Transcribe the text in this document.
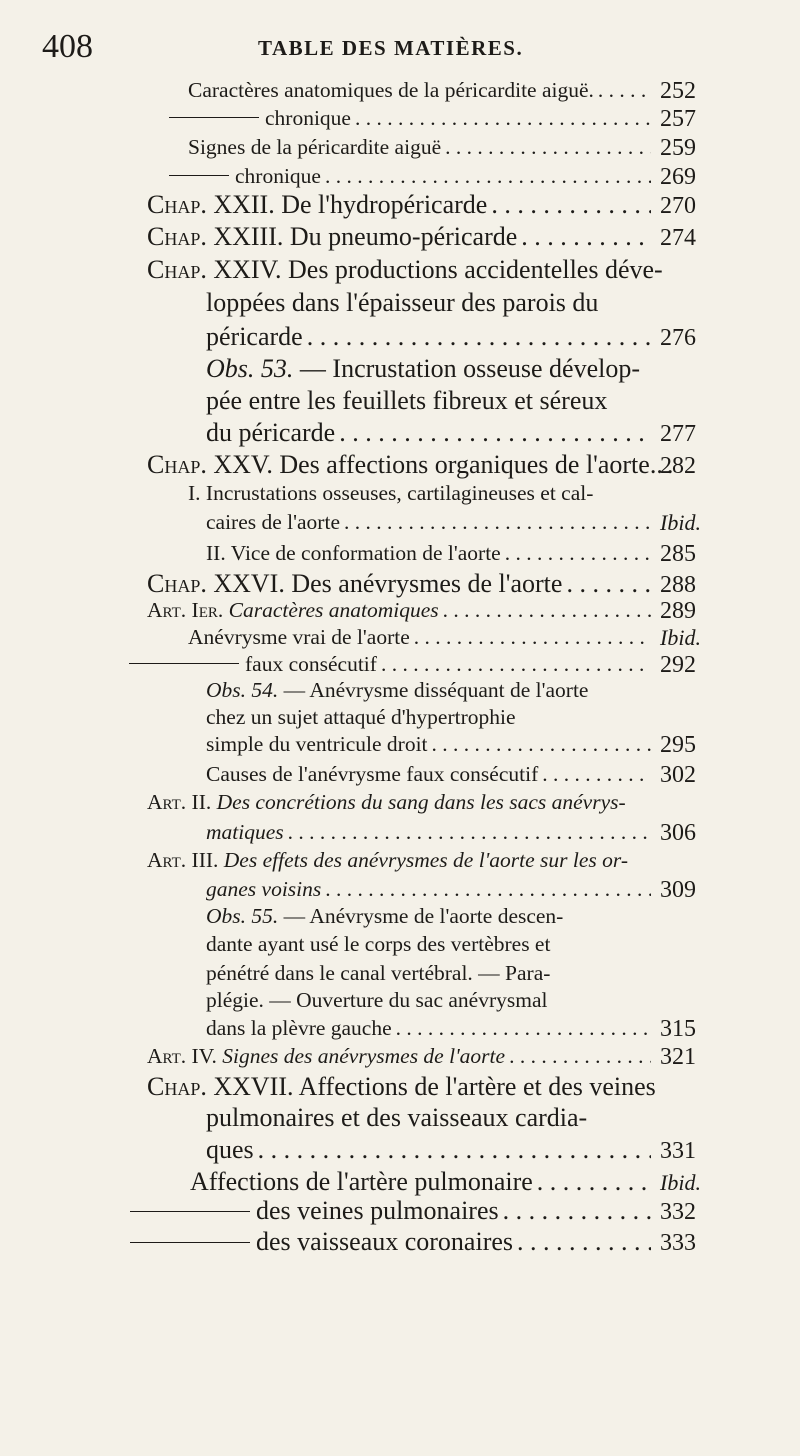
408	TABLE DES MATIÈRES.
252
Caractères anatomiques de la péricardite aiguë.
. . .
257
chronique
. . .
259
Signes de la péricardite aiguë
. . .
269
chronique
. . .
270
Chap. XXII. De l'hydropéricarde
. . .
274
Chap. XXIII. Du pneumo-péricarde
. . .
Chap. XXIV. Des productions accidentelles déve-
loppées dans l'épaisseur des parois du
276
péricarde
. . .
Obs. 53. — Incrustation osseuse dévelop-
pée entre les feuillets fibreux et séreux
277
du péricarde
. . .
282
Chap. XXV. Des affections organiques de l'aorte..
. . .
I. Incrustations osseuses, cartilagineuses et cal-
Ibid.
caires de l'aorte
. . .
285
II. Vice de conformation de l'aorte
. . .
288
Chap. XXVI. Des anévrysmes de l'aorte
. . .
289
Art. Ier. Caractères anatomiques
. . .
Ibid.
Anévrysme vrai de l'aorte
. . .
292
faux consécutif
. . .
Obs. 54. — Anévrysme disséquant de l'aorte
chez un sujet attaqué d'hypertrophie
295
simple du ventricule droit
. . .
302
Causes de l'anévrysme faux consécutif
. . .
Art. II. Des concrétions du sang dans les sacs anévrys-
306
matiques
. . .
Art. III. Des effets des anévrysmes de l'aorte sur les or-
309
ganes voisins
. . .
Obs. 55. — Anévrysme de l'aorte descen-
dante ayant usé le corps des vertèbres et
pénétré dans le canal vertébral. — Para-
plégie. — Ouverture du sac anévrysmal
315
dans la plèvre gauche
. . .
321
Art. IV. Signes des anévrysmes de l'aorte
. . .
Chap. XXVII. Affections de l'artère et des veines
pulmonaires et des vaisseaux cardia-
331
ques
. . .
Ibid.
Affections de l'artère pulmonaire
. . .
332
des veines pulmonaires
. . .
333
des vaisseaux coronaires
. . .
